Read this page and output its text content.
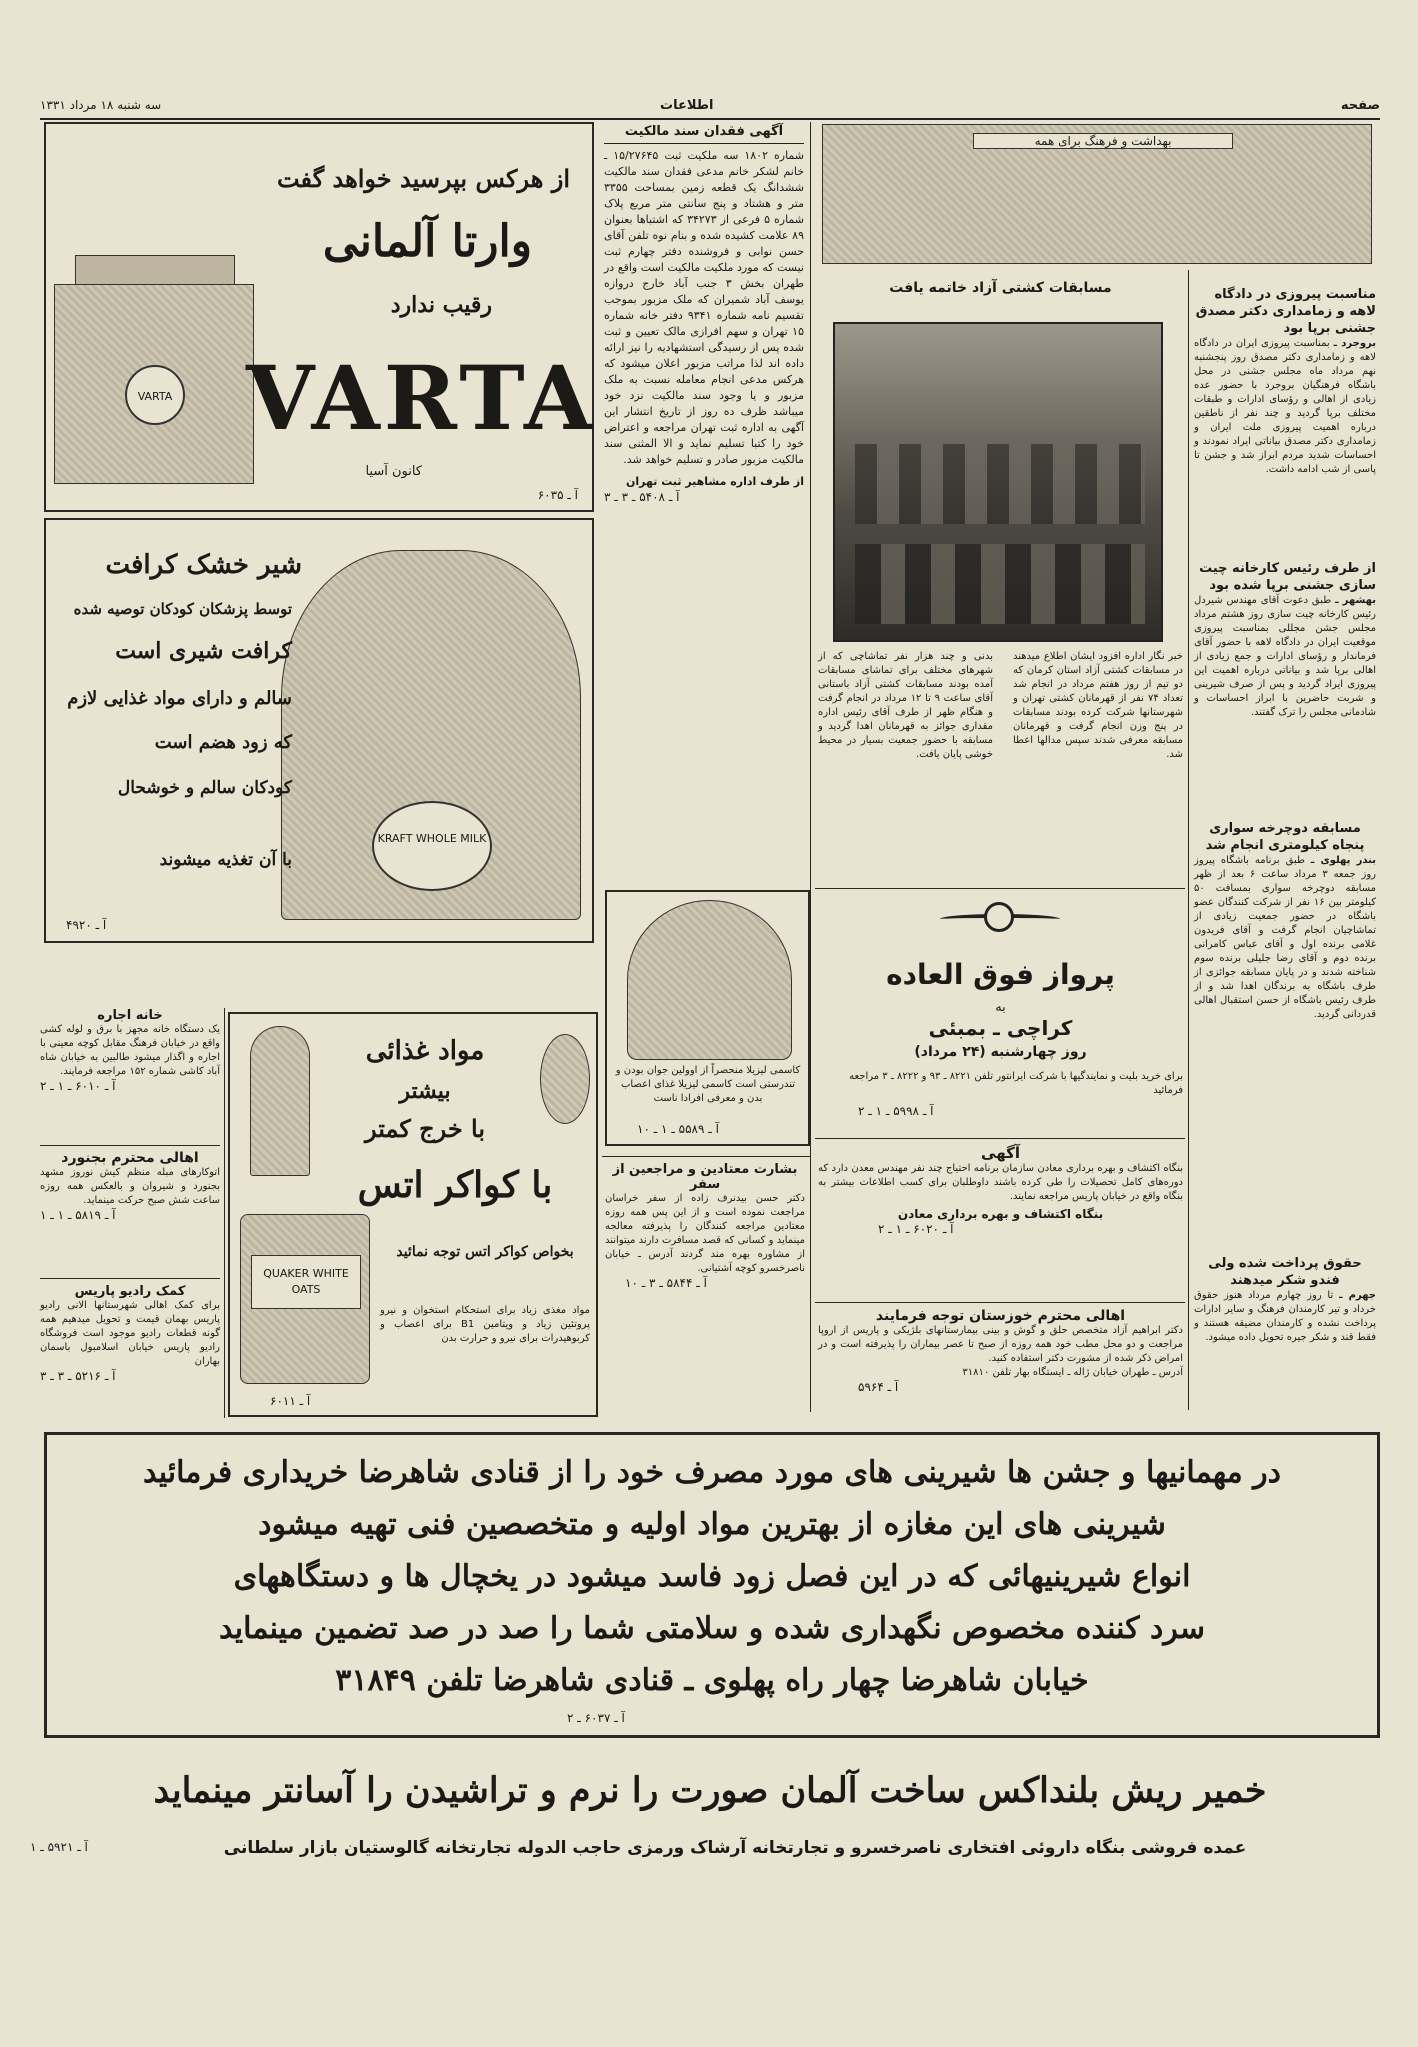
صفحه
اطلاعات
سه شنبه ۱۸ مرداد ۱۳۳۱
VARTA
از هرکس بپرسید خواهد گفت
وارتا آلمانی
رقیب ندارد
VARTA
کانون آسیا
آ ـ ۶۰۳۵
KRAFT WHOLE MILK
شیر خشک کرافت
توسط پزشکان کودکان توصیه شده
کرافت شیری است
سالم و دارای مواد غذایی لازم
که زود هضم است
کودکان سالم و خوشحال
با آن تغذیه میشوند
آ ـ ۴۹۲۰
آگهی فقدان سند مالکیت
شماره ۱۸۰۲ سه ملکیت ثبت ۱۵/۲۷۶۴۵ ـ خانم لشکر خانم مدعی فقدان سند مالکیت ششدانگ یک قطعه زمین بمساحت ۳۳۵۵ متر و هشتاد و پنج سانتی متر مربع پلاک شماره ۵ فرعی از ۳۴۲۷۳ که اشتباها بعنوان ۸۹ علامت کشیده شده و بنام نوه تلفن آقای حسن نوابی و فروشنده دفتر چهارم ثبت نیست که مورد ملکیت مالکیت است واقع در طهران بخش ۳ جنب آباد خارج دروازه یوسف آباد شمیران که ملک مزبور بموجب تقسیم نامه شماره ۹۳۴۱ دفتر خانه شماره ۱۵ تهران و سهم افرازی مالک تعیین و ثبت شده پس از رسیدگی استشهادیه را نیز ارائه داده اند لذا مراتب مزبور اعلان میشود که هرکس مدعی انجام معامله نسبت به ملک مزبور و یا وجود سند مالکیت نزد خود میباشد ظرف ده روز از تاریخ انتشار این آگهی به اداره ثبت تهران مراجعه و اعتراض خود را کتبا تسلیم نماید و الا المثنی سند مالکیت مزبور صادر و تسلیم خواهد شد.
از طرف اداره مشاهیر ثبت تهران
آ ـ ۵۴۰۸ ـ ۳ ـ ۳
بهداشت و فرهنگ برای همه
مسابقات کشتی آزاد خاتمه یافت
خبر نگار اداره افزود ایشان اطلاع میدهند در مسابقات کشتی آزاد استان کرمان که دو تیم از روز هفتم مرداد در انجام شد تعداد ۷۴ نفر از قهرمانان کشتی تهران و شهرستانها شرکت کرده بودند مسابقات در پنج وزن انجام گرفت و قهرمانان مسابقه معرفی شدند سپس مدالها اعطا شد.
بدنی و چند هزار نفر تماشاچی که از شهرهای مختلف برای تماشای مسابقات آمده بودند مسابقات کشتی آزاد باستانی آقای ساعت ۹ تا ۱۲ مرداد در انجام گرفت و هنگام ظهر از طرف آقای رئیس اداره مقداری جوائز به قهرمانان اهدا گردید و مسابقه با حضور جمعیت بسیار در محیط خوشی پایان یافت.
مناسبت پیروزی در دادگاه لاهه و زمامداری دکتر مصدق جشنی برپا بود
بروجرد ـ بمناسبت پیروزی ایران در دادگاه لاهه و زمامداری دکتر مصدق روز پنجشنبه نهم مرداد ماه مجلس جشنی در محل باشگاه فرهنگیان بروجرد با حضور عده زیادی از اهالی و رؤسای ادارات و طبقات مختلف برپا گردید و چند نفر از ناطقین درباره اهمیت پیروزی ملت ایران و زمامداری دکتر مصدق بیاناتی ایراد نمودند و احساسات شدید مردم ابراز شد و جشن تا پاسی از شب ادامه داشت.
از طرف رئیس کارخانه چیت سازی جشنی برپا شده بود
بهشهر ـ طبق دعوت آقای مهندس شیردل رئیس کارخانه چیت سازی روز هشتم مرداد مجلس جشن مجللی بمناسبت پیروزی موقعیت ایران در دادگاه لاهه با حضور آقای فرماندار و رؤسای ادارات و جمع زیادی از اهالی برپا شد و بیاناتی درباره اهمیت این پیروزی ایراد گردید و پس از صرف شیرینی و شربت حاضرین با ابراز احساسات و شادمانی مجلس را ترک گفتند.
مسابقه دوچرخه سواری پنجاه کیلومتری انجام شد
بندر پهلوی ـ طبق برنامه باشگاه پیروز روز جمعه ۳ مرداد ساعت ۶ بعد از ظهر مسابقه دوچرخه سواری بمسافت ۵۰ کیلومتر بین ۱۶ نفر از شرکت کنندگان عضو باشگاه در حضور جمعیت زیادی از تماشاچیان انجام گرفت و آقای فریدون غلامی برنده اول و آقای عباس کامرانی برنده دوم و آقای رضا جلیلی برنده سوم شناخته شدند و در پایان مسابقه جوائزی از طرف باشگاه به برندگان اهدا شد و از طرف رئیس باشگاه از حسن استقبال اهالی قدردانی گردید.
حقوق پرداخت شده ولی فندو شکر میدهند
جهرم ـ تا روز چهارم مرداد هنوز حقوق خرداد و تیر کارمندان فرهنگ و سایر ادارات پرداخت نشده و کارمندان مضیقه هستند و فقط قند و شکر جیره تحویل داده میشود.
پرواز فوق العاده
به
کراچی ـ بمبئی
روز چهارشنبه (۲۴ مرداد)
برای خرید بلیت و نمایندگیها با شرکت ایرانتور تلفن ۸۲۲۱ ـ ۹۳ و ۸۲۲۲ ـ ۳ مراجعه فرمائید
آ ـ ۵۹۹۸ ـ ۱ ـ ۲
کاسمی لیزیلا منحصراً از اوولین جوان بودن و تندرستی است کاسمی لیزیلا غذای اعصاب بدن و معرفی افرادا ناست
آ ـ ۵۵۸۹ ـ ۱ ـ ۱۰
آگهی
بنگاه اکتشاف و بهره برداری معادن سازمان برنامه احتیاج چند نفر مهندس معدن دارد که دوره‌های کامل تحصیلات را طی کرده باشند داوطلبان برای کسب اطلاعات بیشتر به بنگاه واقع در خیابان پاریس مراجعه نمایند.
بنگاه اکتشاف و بهره برداری معادن
آ ـ ۶۰۲۰ ـ ۱ ـ ۲
اهالی محترم خوزستان توجه فرمایند
دکتر ابراهیم آزاد متخصص حلق و گوش و بینی بیمارستانهای بلژیکی و پاریس از اروپا مراجعت و دو محل مطب خود همه روزه از صبح تا عصر بیماران را پذیرفته است و در امراض ذکر شده از مشورت دکتر استفاده کنید.
آدرس ـ طهران خیابان ژاله ـ ایستگاه بهار تلفن ۳۱۸۱۰
آ ـ ۵۹۶۴
بشارت معتادین و مراجعین از سفر
دکتر حسن بیدنرف زاده از سفر خراسان مراجعت نموده است و از این پس همه روزه معتادین مراجعه کنندگان را پذیرفته معالجه مینماید و کسانی که قصد مسافرت دارند میتوانند از مشاوره بهره مند گردند آدرس ـ خیابان ناصرخسرو کوچه آشتیانی.
آ ـ ۵۸۴۴ ـ ۳ ـ ۱۰
مواد غذائی
بیشتر
با خرج کمتر
با کواکر اتس
QUAKER WHITE OATS
بخواص کواکر اتس توجه نمائید
مواد مغذی زیاد برای استحکام استخوان و نیرو پروتئین زیاد و ویتامین B1 برای اعصاب و کربوهیدرات برای نیرو و حرارت بدن
آ ـ ۶۰۱۱
خانه اجاره
یک دستگاه خانه مجهز با برق و لوله کشی واقع در خیابان فرهنگ مقابل کوچه معینی با اجاره و اگذار میشود طالبین به خیابان شاه آباد کاشی شماره ۱۵۲ مراجعه فرمایند.
آ ـ ۶۰۱۰ ـ ۱ ـ ۲
اهالی محترم بجنورد
اتوکارهای مبله منظم کیش نوروز مشهد بجنورد و شیروان و بالعکس همه روزه ساعت شش صبح حرکت مینماید.
آ ـ ۵۸۱۹ ـ ۱ ـ ۱
کمک رادیو پاریس
برای کمک اهالی شهرستانها الانی رادیو پاریس بهمان قیمت و تحویل میدهیم همه گونه قطعات رادیو موجود است فروشگاه رادیو پاریس خیابان اسلامبول باسمان بهاران
آ ـ ۵۲۱۶ ـ ۳ ـ ۳
در مهمانیها و جشن ها شیرینی های مورد مصرف خود را از قنادی شاهرضا خریداری فرمائید
شیرینی های این مغازه از بهترین مواد اولیه و متخصصین فنی تهیه میشود
انواع شیرینیهائی که در این فصل زود فاسد میشود در یخچال ها و دستگاههای
سرد کننده مخصوص نگهداری شده و سلامتی شما را صد در صد تضمین مینماید
خیابان شاهرضا چهار راه پهلوی ـ قنادی شاهرضا تلفن ۳۱۸۴۹
آ ـ ۶۰۳۷ ـ ۲
خمیر ریش بلنداکس ساخت آلمان صورت را نرم و تراشیدن را آسانتر مینماید
عمده فروشی بنگاه داروئی افتخاری ناصرخسرو و تجارتخانه آرشاک ورمزی حاجب الدوله تجارتخانه گالوستیان بازار سلطانی
آ ـ ۵۹۲۱ ـ ۱
